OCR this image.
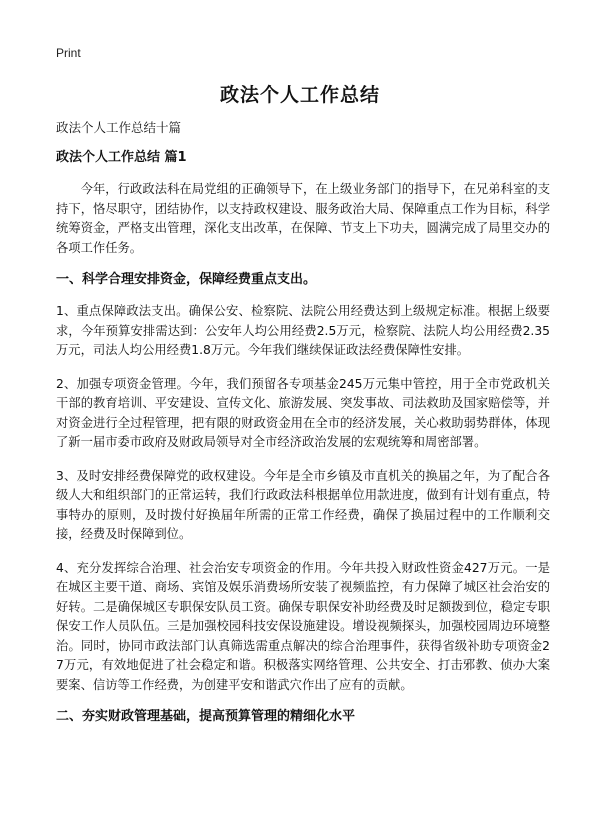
Print
政法个人工作总结

政法个人工作总结十篇

政法个人工作总结 篇1

今年，行政政法科在局党组的正确领导下，在上级业务部门的指导下，在兄弟科室的支持下，恪尽职守，团结协作，以支持政权建设、服务政治大局、保障重点工作为目标，科学统筹资金，严格支出管理，深化支出改革，在保障、节支上下功夫，圆满完成了局里交办的各项工作任务。

一、科学合理安排资金，保障经费重点支出。

1、重点保障政法支出。确保公安、检察院、法院公用经费达到上级规定标准。根据上级要求，今年预算安排需达到：公安年人均公用经费2.5万元，检察院、法院人均公用经费2.35万元，司法人均公用经费1.8万元。今年我们继续保证政法经费保障性安排。

2、加强专项资金管理。今年，我们预留各专项基金245万元集中管控，用于全市党政机关干部的教育培训、平安建设、宣传文化、旅游发展、突发事故、司法救助及国家赔偿等，并对资金进行全过程管理，把有限的财政资金用在全市的经济发展，关心救助弱势群体，体现了新一届市委市政府及财政局领导对全市经济政治发展的宏观统筹和周密部署。

3、及时安排经费保障党的政权建设。今年是全市乡镇及市直机关的换届之年，为了配合各级人大和组织部门的正常运转，我们行政政法科根据单位用款进度，做到有计划有重点，特事特办的原则，及时拨付好换届年所需的正常工作经费，确保了换届过程中的工作顺利交接，经费及时保障到位。

4、充分发挥综合治理、社会治安专项资金的作用。今年共投入财政性资金427万元。一是在城区主要干道、商场、宾馆及娱乐消费场所安装了视频监控，有力保障了城区社会治安的好转。二是确保城区专职保安队员工资。确保专职保安补助经费及时足额拨到位，稳定专职保安工作人员队伍。三是加强校园科技安保设施建设。增设视频探头，加强校园周边环境整治。同时，协同市政法部门认真筛选需重点解决的综合治理事件，获得省级补助专项资金27万元，有效地促进了社会稳定和谐。积极落实网络管理、公共安全、打击邪教、侦办大案要案、信访等工作经费，为创建平安和谐武穴作出了应有的贡献。

二、夯实财政管理基础，提高预算管理的精细化水平
